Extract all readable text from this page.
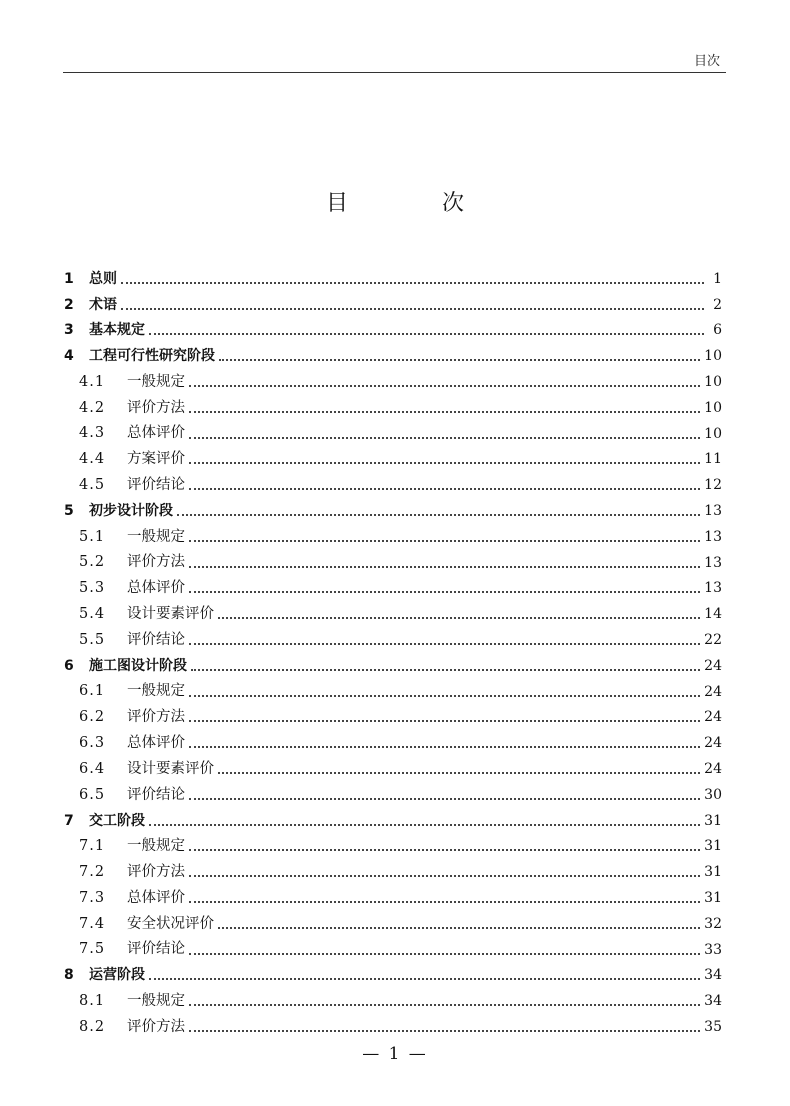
目次
目　次
1	总则	1
2	术语	2
3	基本规定	6
4	工程可行性研究阶段	10
4.1	一般规定	10
4.2	评价方法	10
4.3	总体评价	10
4.4	方案评价	11
4.5	评价结论	12
5	初步设计阶段	13
5.1	一般规定	13
5.2	评价方法	13
5.3	总体评价	13
5.4	设计要素评价	14
5.5	评价结论	22
6	施工图设计阶段	24
6.1	一般规定	24
6.2	评价方法	24
6.3	总体评价	24
6.4	设计要素评价	24
6.5	评价结论	30
7	交工阶段	31
7.1	一般规定	31
7.2	评价方法	31
7.3	总体评价	31
7.4	安全状况评价	32
7.5	评价结论	33
8	运营阶段	34
8.1	一般规定	34
8.2	评价方法	35
— 1 —
